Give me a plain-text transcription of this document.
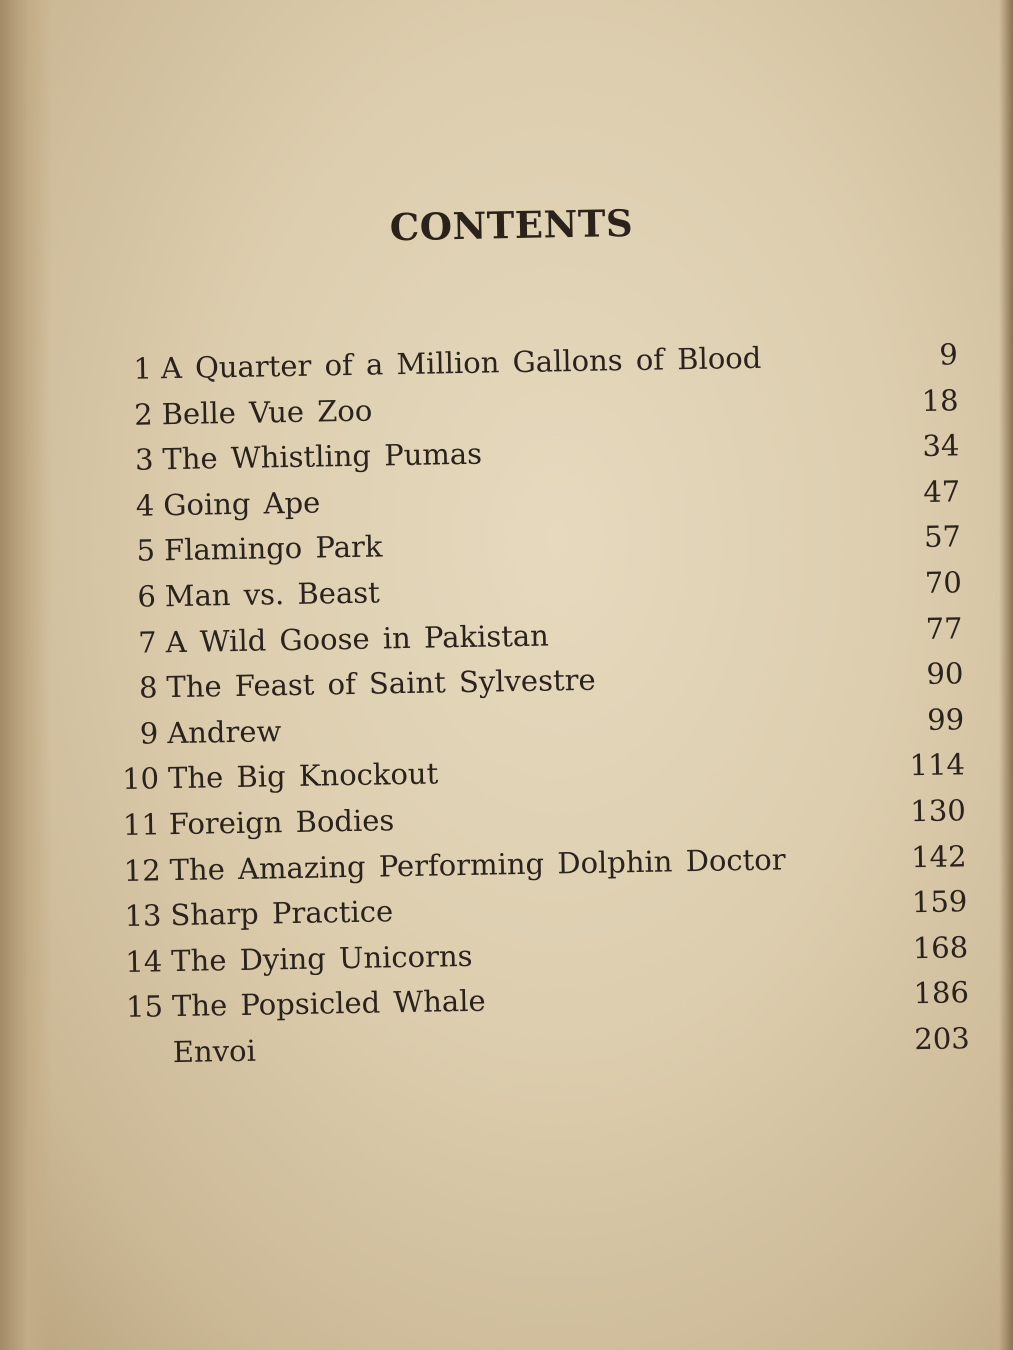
CONTENTS
1 A Quarter of a Million Gallons of Blood	9
2 Belle Vue Zoo	18
3 The Whistling Pumas	34
4 Going Ape	47
5 Flamingo Park	57
6 Man vs. Beast	70
7 A Wild Goose in Pakistan	77
8 The Feast of Saint Sylvestre	90
9 Andrew	99
10 The Big Knockout	114
11 Foreign Bodies	130
12 The Amazing Performing Dolphin Doctor	142
13 Sharp Practice	159
14 The Dying Unicorns	168
15 The Popsicled Whale	186
Envoi	203
